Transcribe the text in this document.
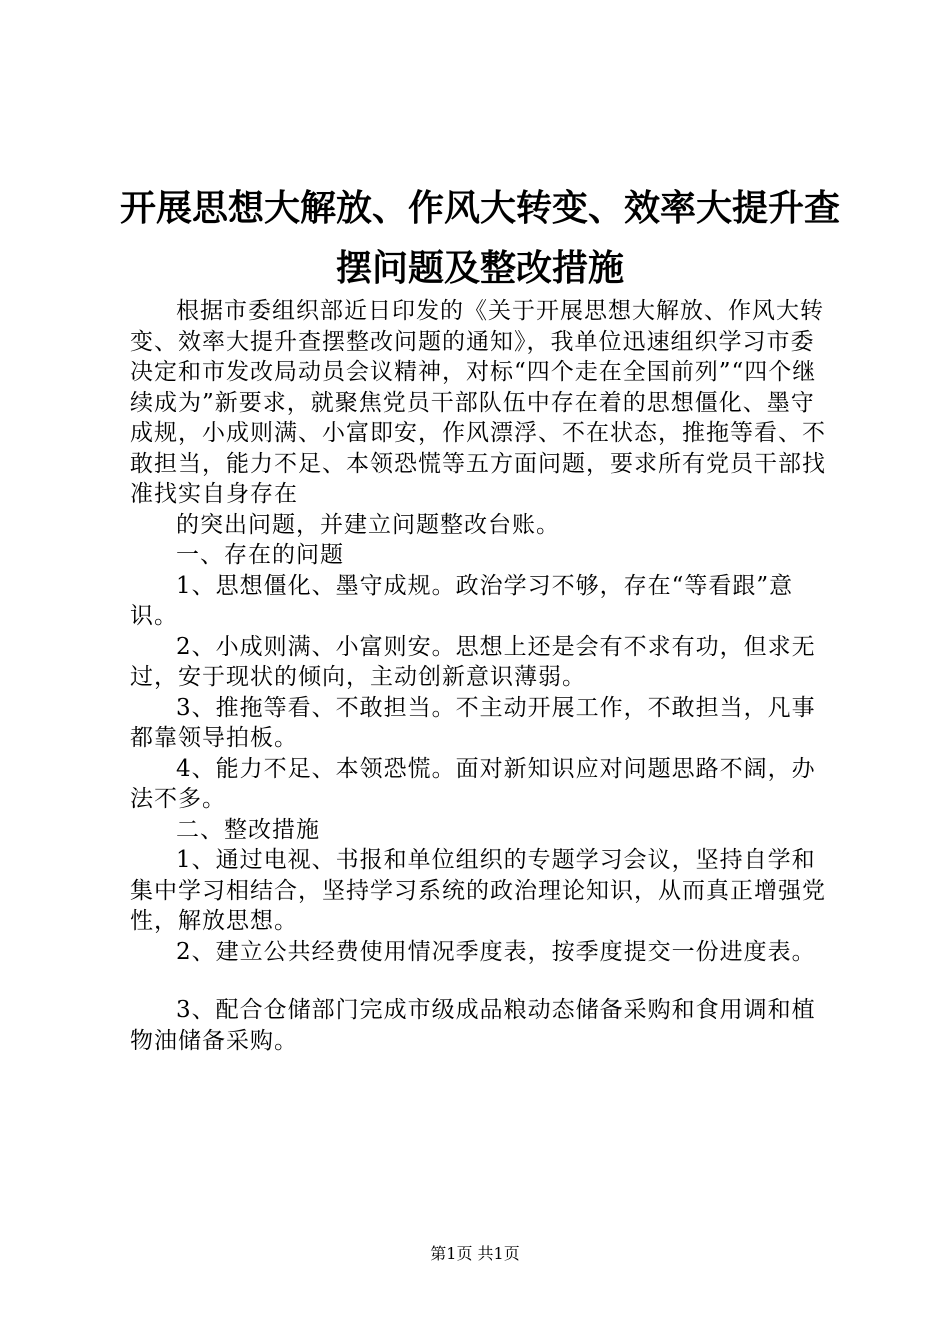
开展思想大解放、作风大转变、效率大提升查
摆问题及整改措施

根据市委组织部近日印发的《关于开展思想大解放、作风大转变、效率大提升查摆整改问题的通知》，我单位迅速组织学习市委决定和市发改局动员会议精神，对标“四个走在全国前列”“四个继续成为”新要求，就聚焦党员干部队伍中存在着的思想僵化、墨守成规，小成则满、小富即安，作风漂浮、不在状态，推拖等看、不敢担当，能力不足、本领恐慌等五方面问题，要求所有党员干部找准找实自身存在

的突出问题，并建立问题整改台账。

一、存在的问题

1、思想僵化、墨守成规。政治学习不够，存在“等看跟”意识。

2、小成则满、小富则安。思想上还是会有不求有功，但求无过，安于现状的倾向，主动创新意识薄弱。

3、推拖等看、不敢担当。不主动开展工作，不敢担当，凡事都靠领导拍板。

4、能力不足、本领恐慌。面对新知识应对问题思路不阔，办法不多。

二、整改措施

1、通过电视、书报和单位组织的专题学习会议，坚持自学和集中学习相结合，坚持学习系统的政治理论知识，从而真正增强党性，解放思想。

2、建立公共经费使用情况季度表，按季度提交一份进度表。

3、配合仓储部门完成市级成品粮动态储备采购和食用调和植物油储备采购。

第1页 共1页
